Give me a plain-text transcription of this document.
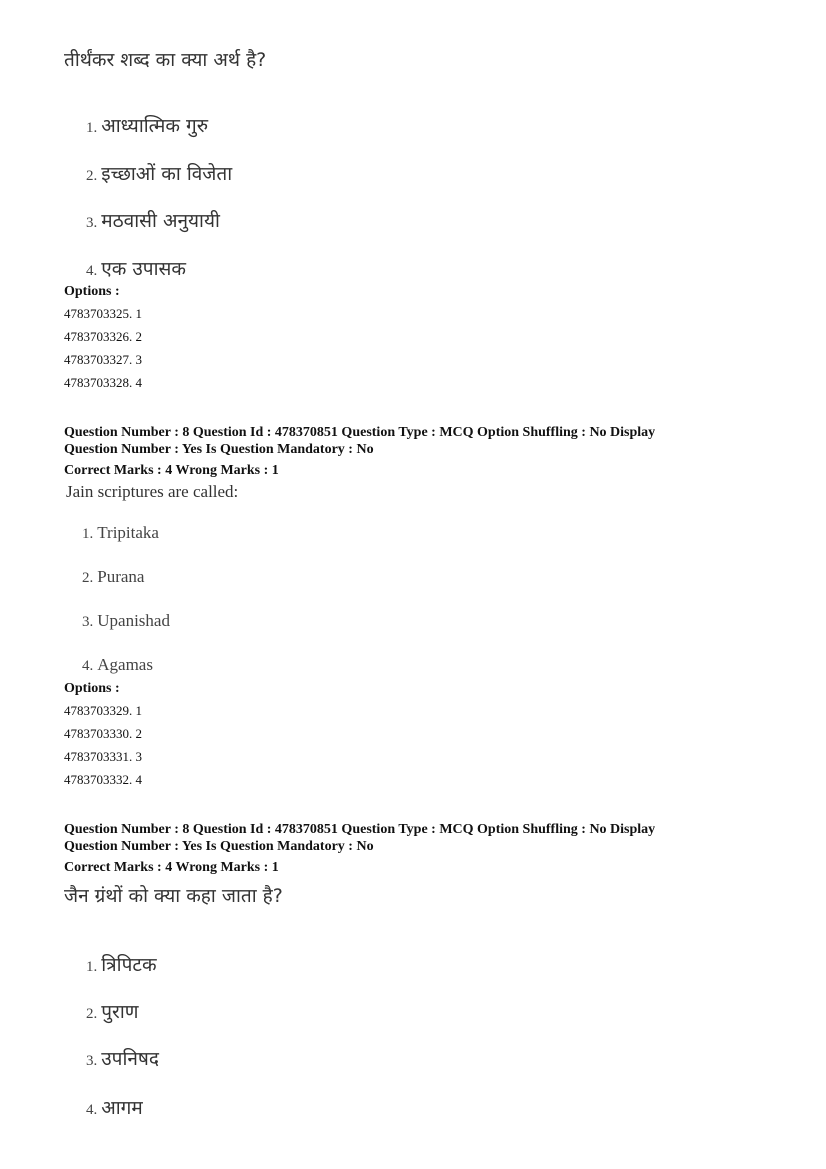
तीर्थंकर शब्द का क्या अर्थ है?
1. आध्यात्मिक गुरु
2. इच्छाओं का विजेता
3. मठवासी अनुयायी
4. एक उपासक
Options :
4783703325. 1
4783703326. 2
4783703327. 3
4783703328. 4
Question Number : 8 Question Id : 478370851 Question Type : MCQ Option Shuffling : No Display
Question Number : Yes Is Question Mandatory : No
Correct Marks : 4 Wrong Marks : 1
Jain scriptures are called:
1. Tripitaka
2. Purana
3. Upanishad
4. Agamas
Options :
4783703329. 1
4783703330. 2
4783703331. 3
4783703332. 4
Question Number : 8 Question Id : 478370851 Question Type : MCQ Option Shuffling : No Display
Question Number : Yes Is Question Mandatory : No
Correct Marks : 4 Wrong Marks : 1
जैन ग्रंथों को क्या कहा जाता है?
1. त्रिपिटक
2. पुराण
3. उपनिषद
4. आगम
